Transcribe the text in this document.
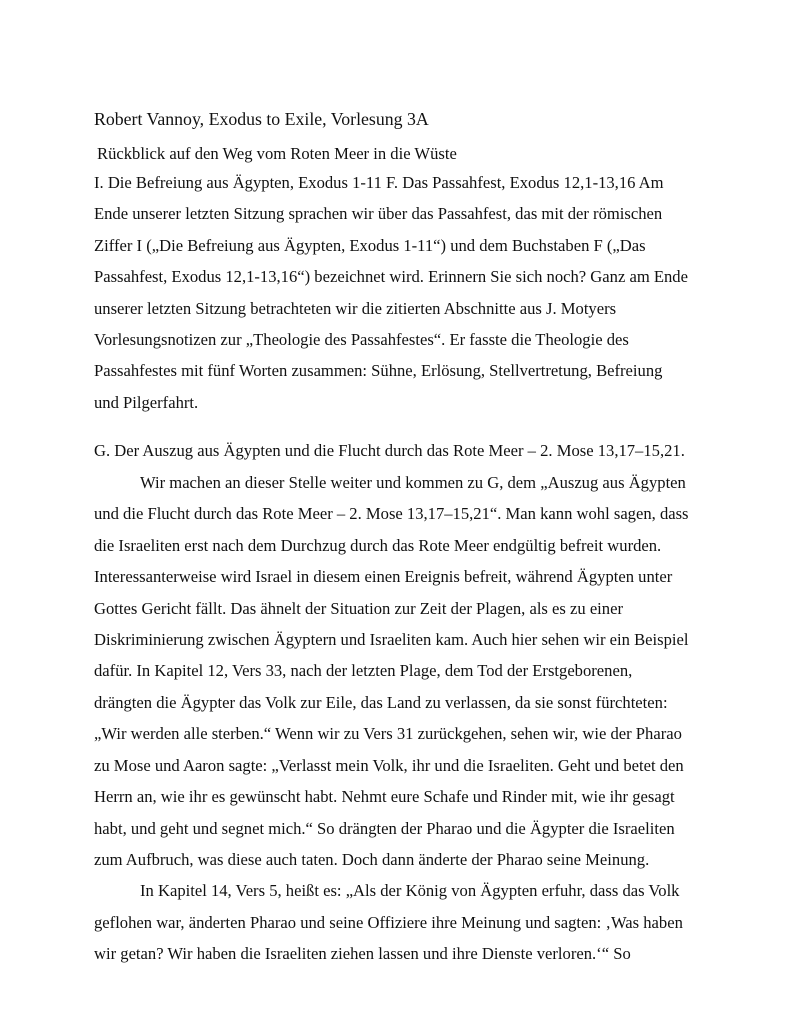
Robert Vannoy, Exodus to Exile, Vorlesung 3A
Rückblick auf den Weg vom Roten Meer in die Wüste
I. Die Befreiung aus Ägypten, Exodus 1-11 F. Das Passahfest, Exodus 12,1-13,16 Am
Ende unserer letzten Sitzung sprachen wir über das Passahfest, das mit der römischen
Ziffer I („Die Befreiung aus Ägypten, Exodus 1-11“) und dem Buchstaben F („Das
Passahfest, Exodus 12,1-13,16“) bezeichnet wird. Erinnern Sie sich noch? Ganz am Ende
unserer letzten Sitzung betrachteten wir die zitierten Abschnitte aus J. Motyers
Vorlesungsnotizen zur „Theologie des Passahfestes“. Er fasste die Theologie des
Passahfestes mit fünf Worten zusammen: Sühne, Erlösung, Stellvertretung, Befreiung
und Pilgerfahrt.
G. Der Auszug aus Ägypten und die Flucht durch das Rote Meer – 2. Mose 13,17–15,21.
Wir machen an dieser Stelle weiter und kommen zu G, dem „Auszug aus Ägypten
und die Flucht durch das Rote Meer – 2. Mose 13,17–15,21“. Man kann wohl sagen, dass
die Israeliten erst nach dem Durchzug durch das Rote Meer endgültig befreit wurden.
Interessanterweise wird Israel in diesem einen Ereignis befreit, während Ägypten unter
Gottes Gericht fällt. Das ähnelt der Situation zur Zeit der Plagen, als es zu einer
Diskriminierung zwischen Ägyptern und Israeliten kam. Auch hier sehen wir ein Beispiel
dafür. In Kapitel 12, Vers 33, nach der letzten Plage, dem Tod der Erstgeborenen,
drängten die Ägypter das Volk zur Eile, das Land zu verlassen, da sie sonst fürchteten:
„Wir werden alle sterben.“ Wenn wir zu Vers 31 zurückgehen, sehen wir, wie der Pharao
zu Mose und Aaron sagte: „Verlasst mein Volk, ihr und die Israeliten. Geht und betet den
Herrn an, wie ihr es gewünscht habt. Nehmt eure Schafe und Rinder mit, wie ihr gesagt
habt, und geht und segnet mich.“ So drängten der Pharao und die Ägypter die Israeliten
zum Aufbruch, was diese auch taten. Doch dann änderte der Pharao seine Meinung.
In Kapitel 14, Vers 5, heißt es: „Als der König von Ägypten erfuhr, dass das Volk
geflohen war, änderten Pharao und seine Offiziere ihre Meinung und sagten: ‚Was haben
wir getan? Wir haben die Israeliten ziehen lassen und ihre Dienste verloren.‘“ So
